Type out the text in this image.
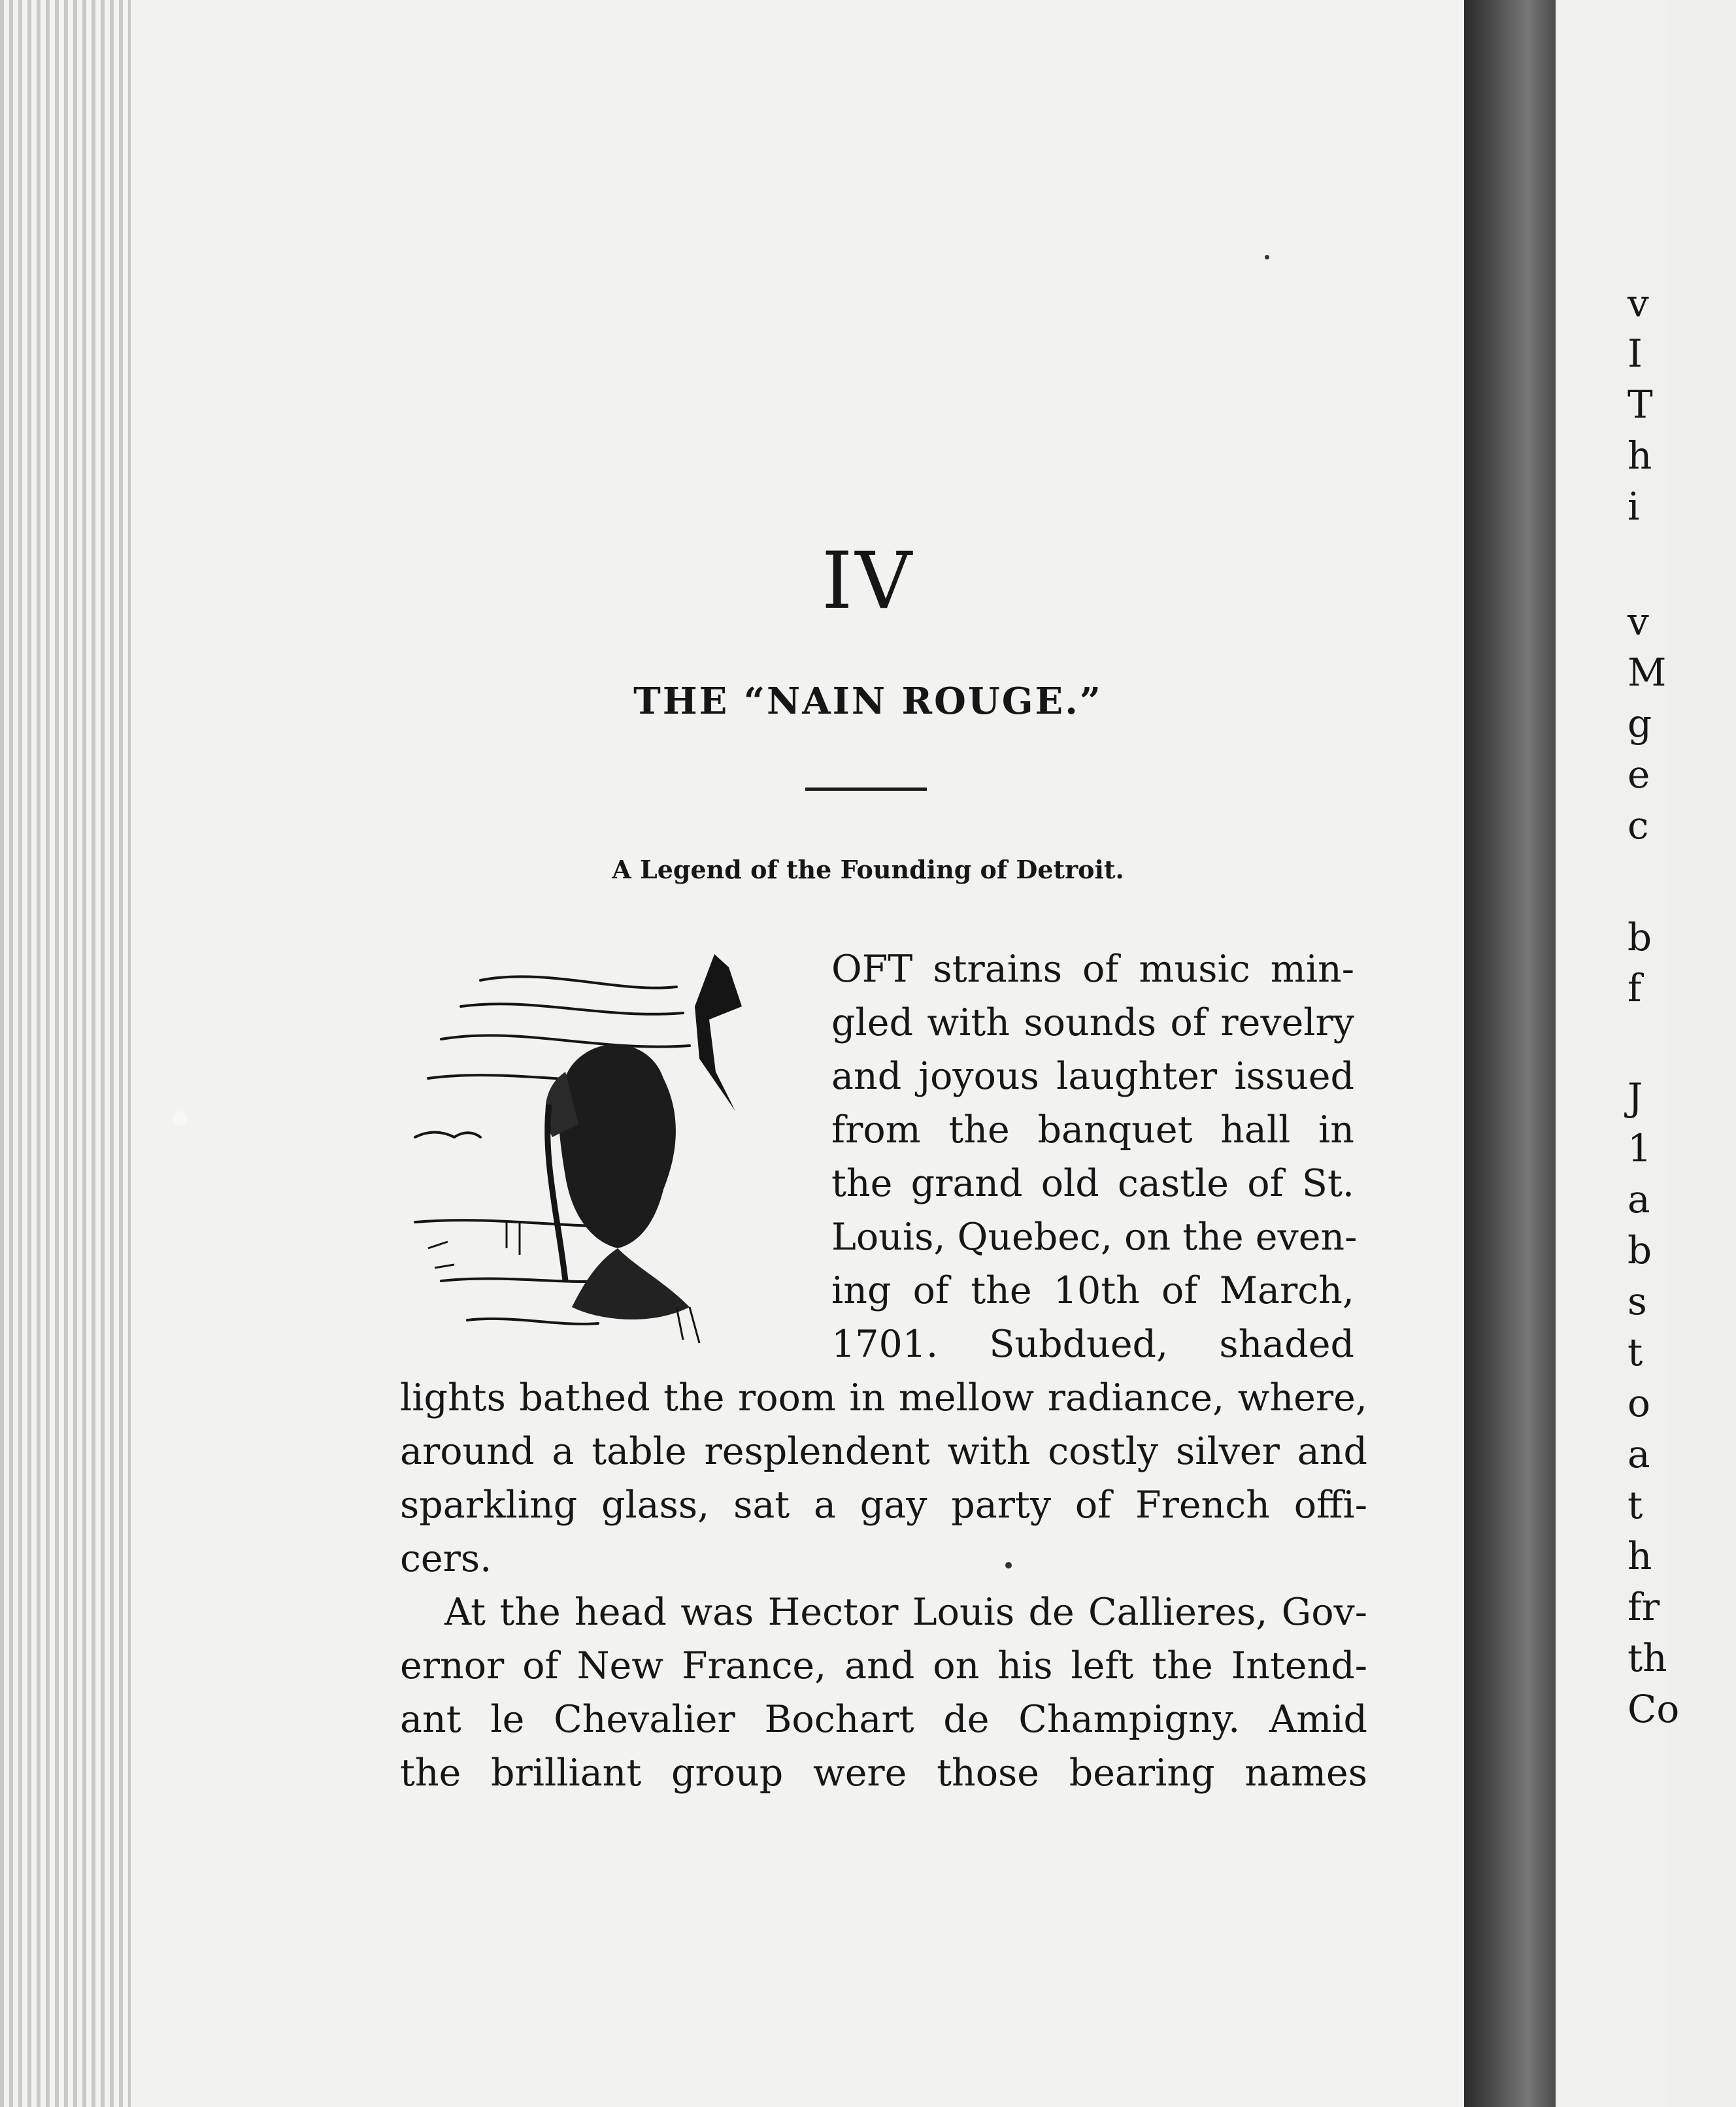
IV
THE “NAIN ROUGE.”
A Legend of the Founding of Detroit.
OFT strains of music min-
gled with sounds of revelry
and joyous laughter issued
from the banquet hall in
the grand old castle of St.
Louis, Quebec, on the even-
ing of the 10th of March,
1701. Subdued, shaded
lights bathed the room in mellow radiance, where,
around a table resplendent with costly silver and
sparkling glass, sat a gay party of French offi-
cers.
At the head was Hector Louis de Callieres, Gov-
ernor of New France, and on his left the Intend-
ant le Chevalier Bochart de Champigny. Amid
the brilliant group were those bearing names
v
I
T
h
i
v
M
g
e
c
b
f
J
1
a
b
s
t
o
a
t
h
fr
th
Co
